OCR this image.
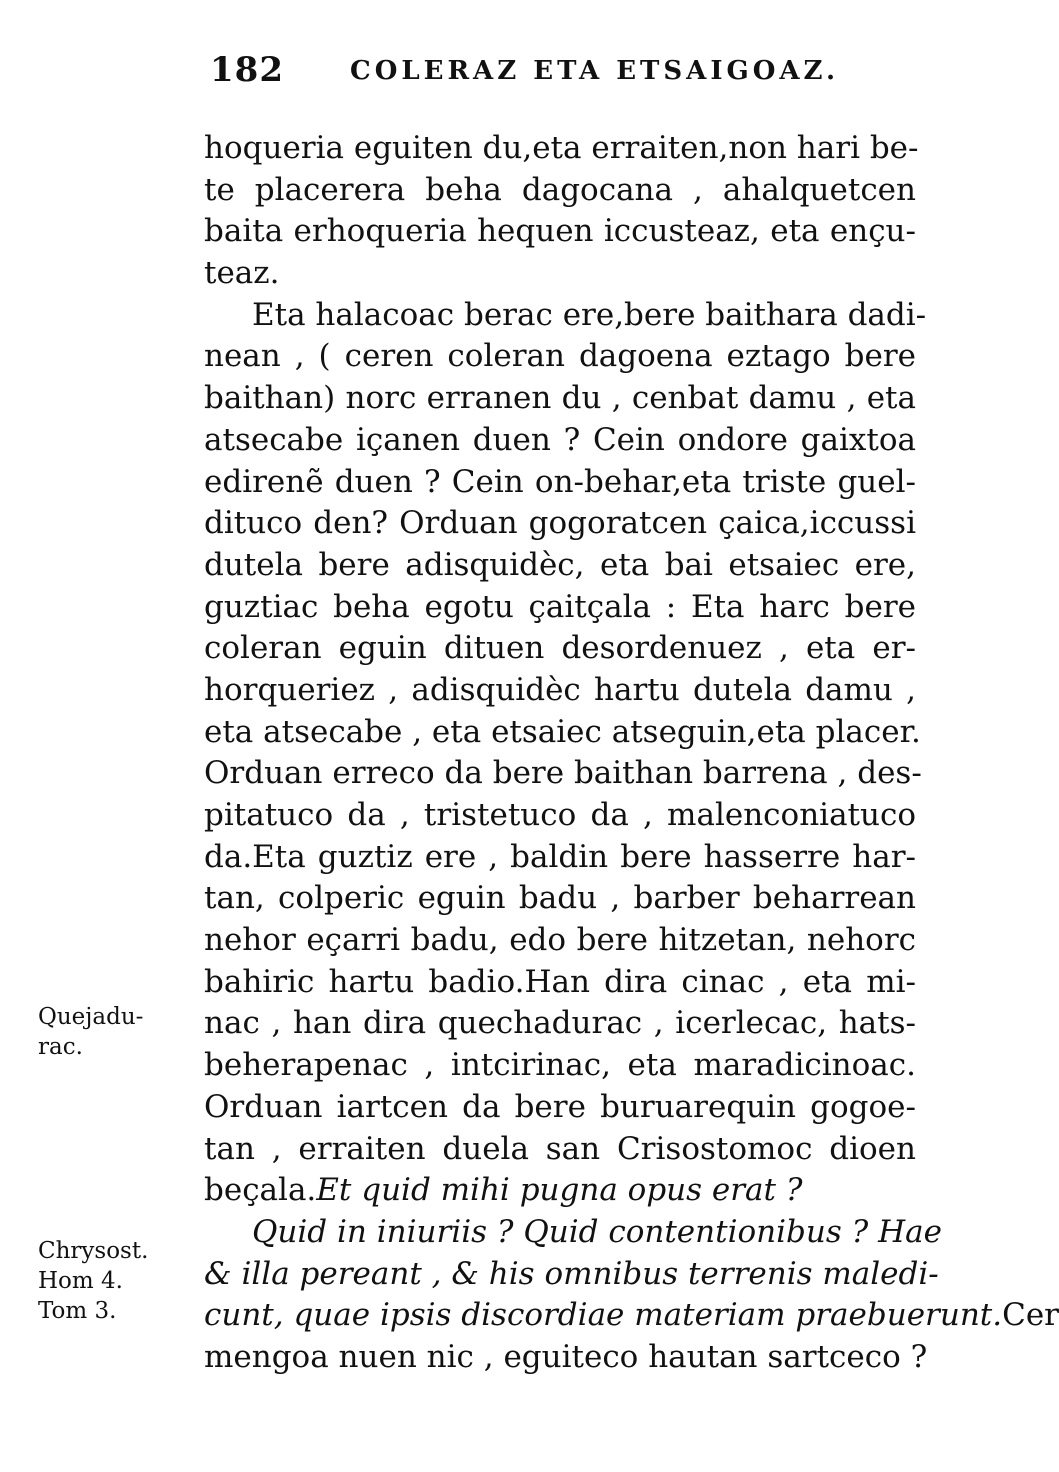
182	COLERAZ ETA ETSAIGOAZ.
hoqueria eguiten du,eta erraiten,non hari be-
te placerera beha dagocana , ahalquetcen
baita erhoqueria hequen iccusteaz, eta ençu-
teaz.
Eta halacoac berac ere,bere baithara dadi-
nean , ( ceren coleran dagoena eztago bere
baithan) norc erranen du , cenbat damu , eta
atsecabe içanen duen ? Cein ondore gaixtoa
edirenẽ duen ? Cein on-behar,eta triste guel-
dituco den? Orduan gogoratcen çaica,iccussi
dutela bere adisquidèc, eta bai etsaiec ere,
guztiac beha egotu çaitçala : Eta harc bere
coleran eguin dituen desordenuez , eta er-
horqueriez , adisquidèc hartu dutela damu ,
eta atsecabe , eta etsaiec atseguin,eta placer.
Orduan erreco da bere baithan barrena , des-
pitatuco da , tristetuco da , malenconiatuco
da.Eta guztiz ere , baldin bere hasserre har-
tan, colperic eguin badu , barber beharrean
nehor eçarri badu, edo bere hitzetan, nehorc
bahiric hartu badio.Han dira cinac , eta mi-
nac , han dira quechadurac , icerlecac, hats-
beherapenac , intcirinac, eta maradicinoac.
Orduan iartcen da bere buruarequin gogoe-
tan , erraiten duela san Crisostomoc dioen
beçala.Et quid mihi pugna opus erat ?
Quid in iniuriis ? Quid contentionibus ? Hae
& illa pereant , & his omnibus terrenis maledi-
cunt, quae ipsis discordiae materiam praebuerunt.Cer
mengoa nuen nic , eguiteco hautan sartceco ?
Quejadu-
rac.
Chrysost.
Hom 4.
Tom 3.
